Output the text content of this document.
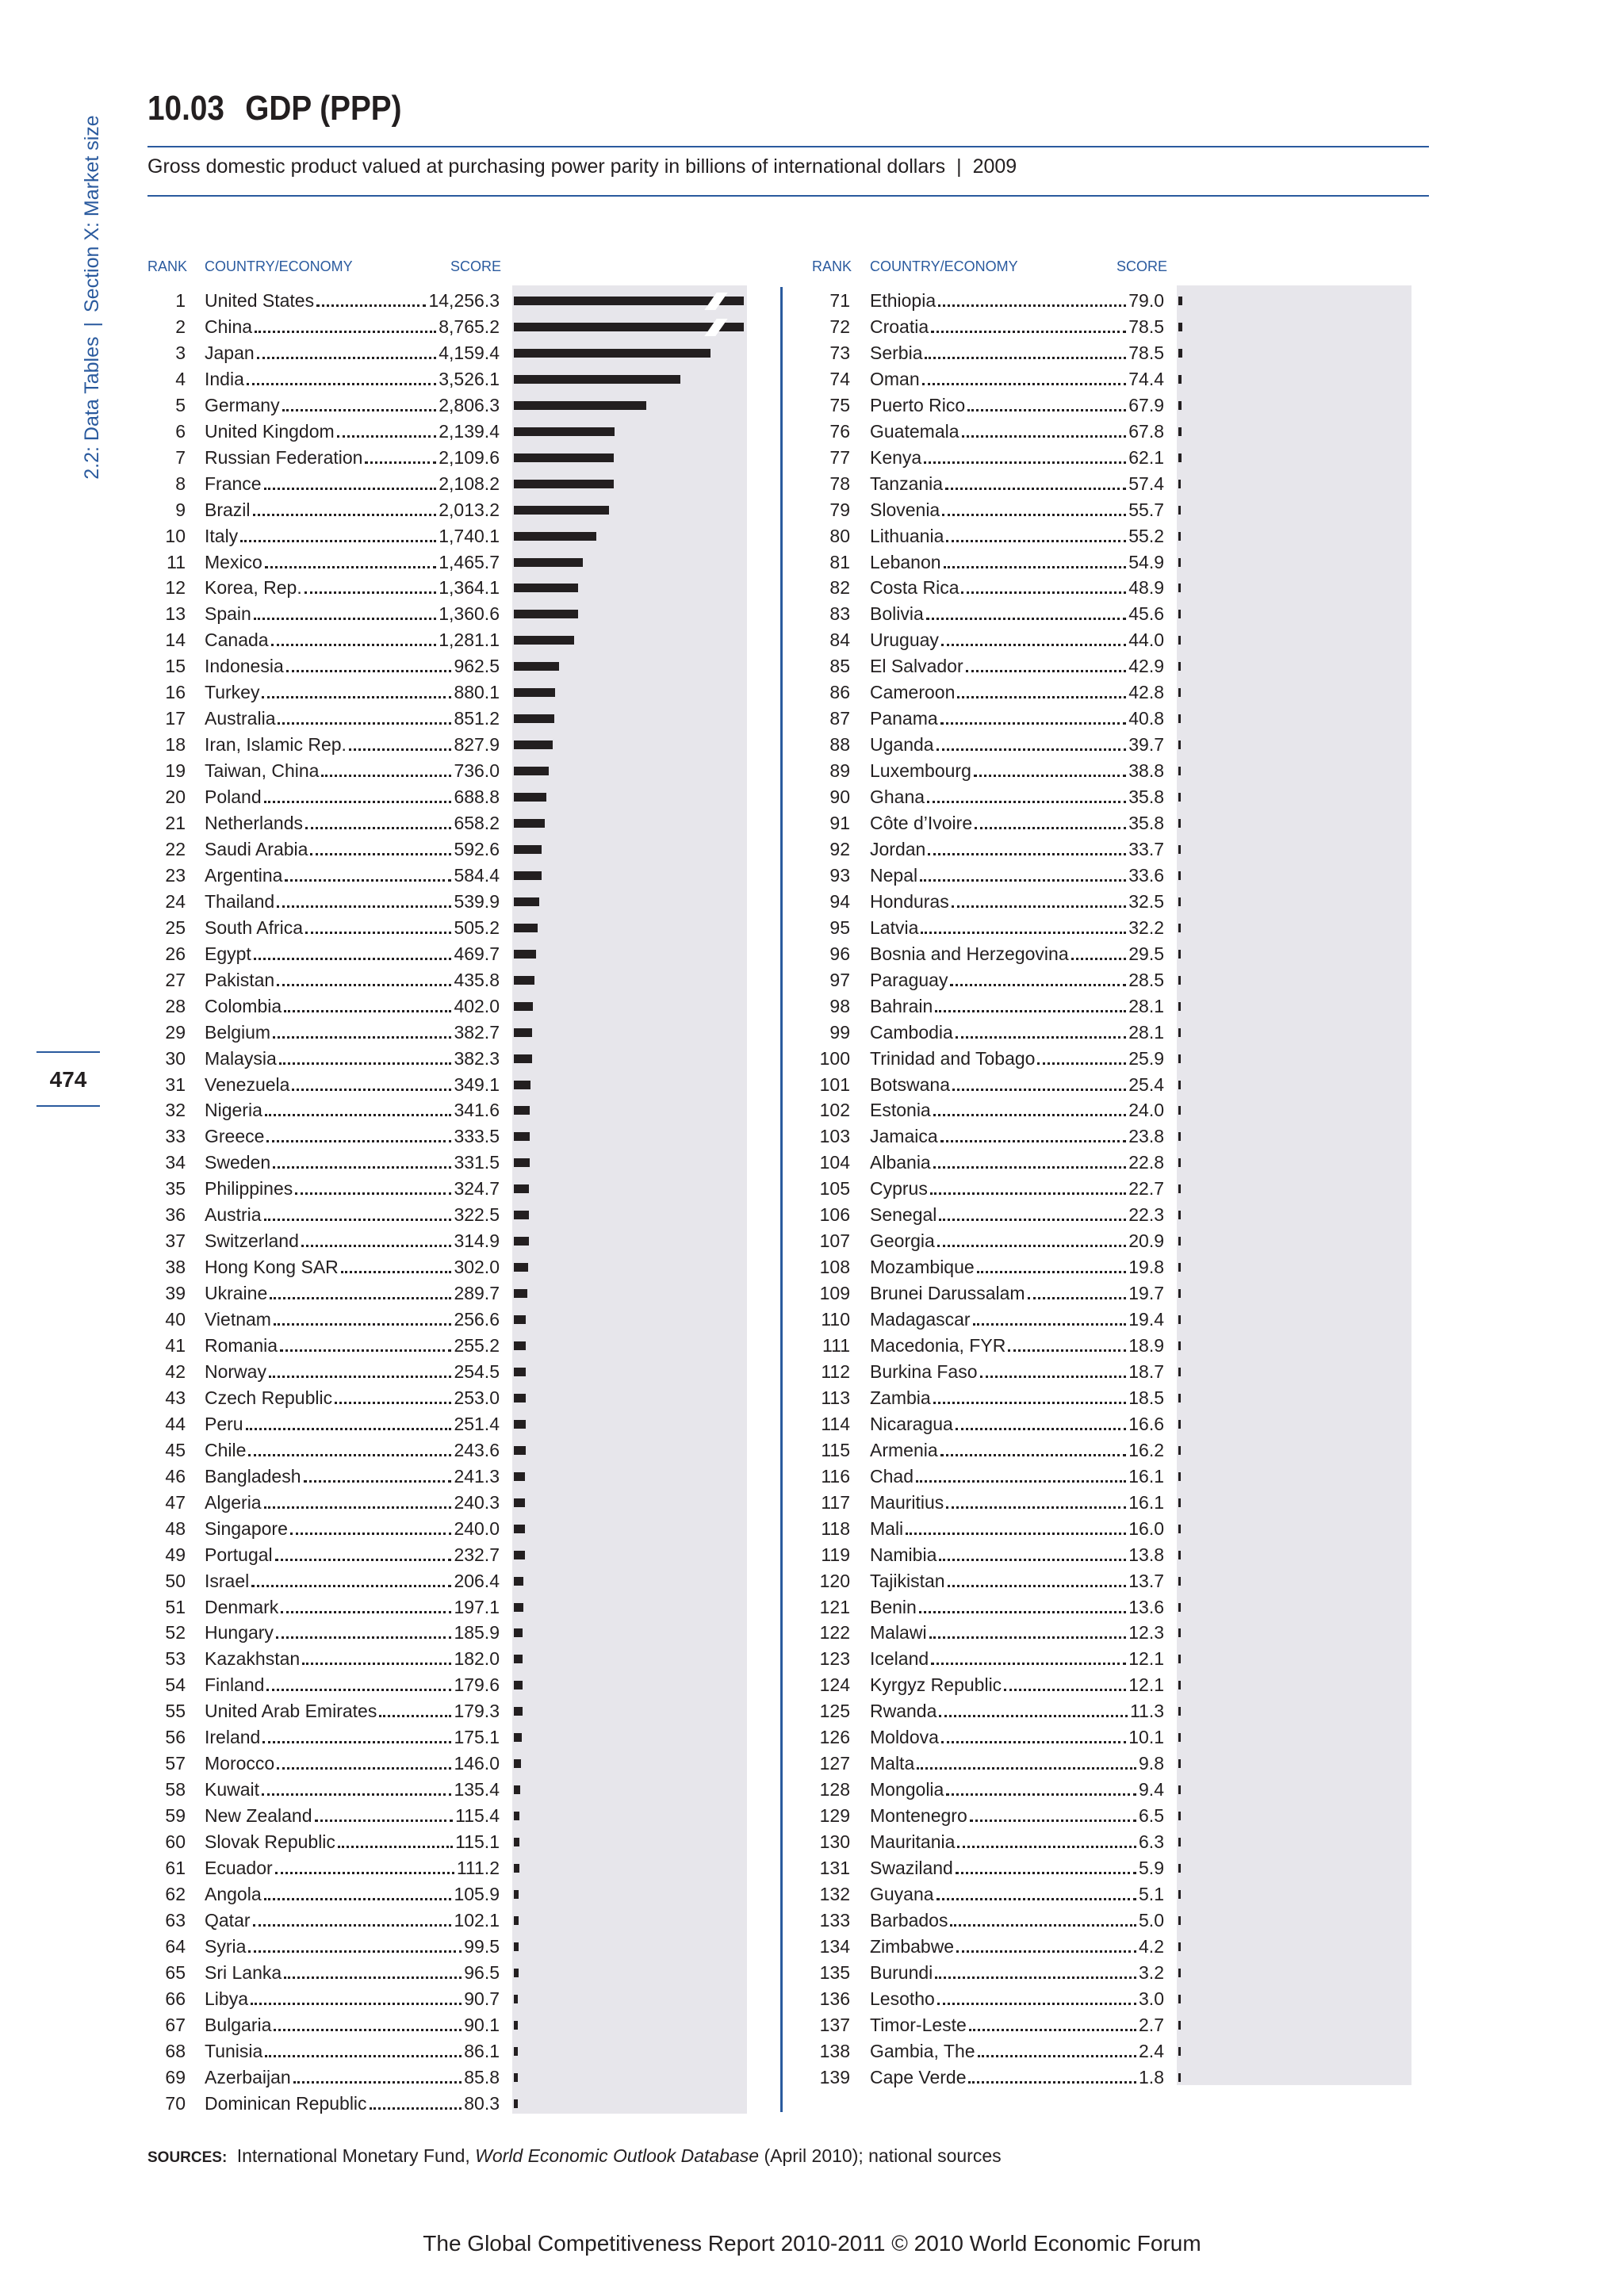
2.2: Data Tables
|
Section X: Market size
474
10.03 GDP (PPP)
Gross domestic product valued at purchasing power parity in billions of international dollars | 2009
RANK COUNTRY/ECONOMY	SCORE	RANK COUNTRY/ECONOMY	SCORE
1 United States	14,256.3
2 China	8,765.2
3 Japan	4,159.4
4 India	3,526.1
5 Germany	2,806.3
6 United Kingdom	2,139.4
7 Russian Federation	2,109.6
8 France	2,108.2
9 Brazil	2,013.2
10 Italy	1,740.1
11 Mexico	1,465.7
12 Korea, Rep.	1,364.1
13 Spain	1,360.6
14 Canada	1,281.1
15 Indonesia	962.5
16 Turkey	880.1
17 Australia	851.2
18 Iran, Islamic Rep.	827.9
19 Taiwan, China	736.0
20 Poland	688.8
21 Netherlands	658.2
22 Saudi Arabia	592.6
23 Argentina	584.4
24 Thailand	539.9
25 South Africa	505.2
26 Egypt	469.7
27 Pakistan	435.8
28 Colombia	402.0
29 Belgium	382.7
30 Malaysia	382.3
31 Venezuela	349.1
32 Nigeria	341.6
33 Greece	333.5
34 Sweden	331.5
35 Philippines	324.7
36 Austria	322.5
37 Switzerland	314.9
38 Hong Kong SAR	302.0
39 Ukraine	289.7
40 Vietnam	256.6
41 Romania	255.2
42 Norway	254.5
43 Czech Republic	253.0
44 Peru	251.4
45 Chile	243.6
46 Bangladesh	241.3
47 Algeria	240.3
48 Singapore	240.0
49 Portugal	232.7
50 Israel	206.4
51 Denmark	197.1
52 Hungary	185.9
53 Kazakhstan	182.0
54 Finland	179.6
55 United Arab Emirates	179.3
56 Ireland	175.1
57 Morocco	146.0
58 Kuwait	135.4
59 New Zealand	115.4
60 Slovak Republic	115.1
61 Ecuador	111.2
62 Angola	105.9
63 Qatar	102.1
64 Syria	99.5
65 Sri Lanka	96.5
66 Libya	90.7
67 Bulgaria	90.1
68 Tunisia	86.1
69 Azerbaijan	85.8
70 Dominican Republic	80.3
71 Ethiopia	79.0
72 Croatia	78.5
73 Serbia	78.5
74 Oman	74.4
75 Puerto Rico	67.9
76 Guatemala	67.8
77 Kenya	62.1
78 Tanzania	57.4
79 Slovenia	55.7
80 Lithuania	55.2
81 Lebanon	54.9
82 Costa Rica	48.9
83 Bolivia	45.6
84 Uruguay	44.0
85 El Salvador	42.9
86 Cameroon	42.8
87 Panama	40.8
88 Uganda	39.7
89 Luxembourg	38.8
90 Ghana	35.8
91 Côte d’Ivoire	35.8
92 Jordan	33.7
93 Nepal	33.6
94 Honduras	32.5
95 Latvia	32.2
96 Bosnia and Herzegovina	29.5
97 Paraguay	28.5
98 Bahrain	28.1
99 Cambodia	28.1
100 Trinidad and Tobago	25.9
101 Botswana	25.4
102 Estonia	24.0
103 Jamaica	23.8
104 Albania	22.8
105 Cyprus	22.7
106 Senegal	22.3
107 Georgia	20.9
108 Mozambique	19.8
109 Brunei Darussalam	19.7
110 Madagascar	19.4
111 Macedonia, FYR	18.9
112 Burkina Faso	18.7
113 Zambia	18.5
114 Nicaragua	16.6
115 Armenia	16.2
116 Chad	16.1
117 Mauritius	16.1
118 Mali	16.0
119 Namibia	13.8
120 Tajikistan	13.7
121 Benin	13.6
122 Malawi	12.3
123 Iceland	12.1
124 Kyrgyz Republic	12.1
125 Rwanda	11.3
126 Moldova	10.1
127 Malta	9.8
128 Mongolia	9.4
129 Montenegro	6.5
130 Mauritania	6.3
131 Swaziland	5.9
132 Guyana	5.1
133 Barbados	5.0
134 Zimbabwe	4.2
135 Burundi	3.2
136 Lesotho	3.0
137 Timor-Leste	2.7
138 Gambia, The	2.4
139 Cape Verde	1.8
SOURCES: International Monetary Fund, World Economic Outlook Database (April 2010); national sources
The Global Competitiveness Report 2010-2011 © 2010 World Economic Forum
